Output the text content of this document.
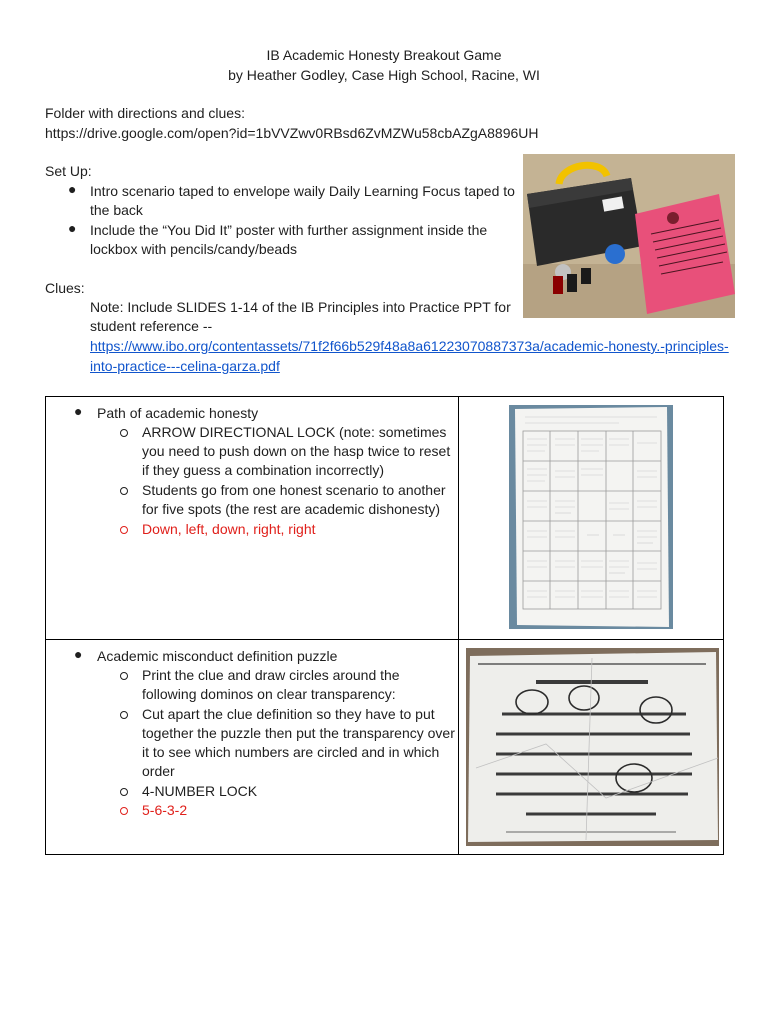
IB Academic Honesty Breakout Game
by Heather Godley, Case High School, Racine, WI
Folder with directions and clues:
https://drive.google.com/open?id=1bVVZwv0RBsd6ZvMZWu58cbAZgA8896UH
Set Up:
● Intro scenario taped to envelope waily Daily Learning Focus taped to
the back
● Include the “You Did It” poster with further assignment inside the
lockbox with pencils/candy/beads
Clues:
Note: Include SLIDES 1-14 of the IB Principles into Practice PPT for
student reference --
https://www.ibo.org/contentassets/71f2f66b529f48a8a61223070887373a/academic-honesty.-principles-
into-practice---celina-garza.pdf
● Path of academic honesty
ARROW DIRECTIONAL LOCK (note: sometimes
you need to push down on the hasp twice to reset
if they guess a combination incorrectly)
Students go from one honest scenario to another
for five spots (the rest are academic dishonesty)
Down, left, down, right, right
● Academic misconduct definition puzzle
Print the clue and draw circles around the
following dominos on clear transparency:
Cut apart the clue definition so they have to put
together the puzzle then put the transparency over
it to see which numbers are circled and in which
order
4-NUMBER LOCK
5-6-3-2
